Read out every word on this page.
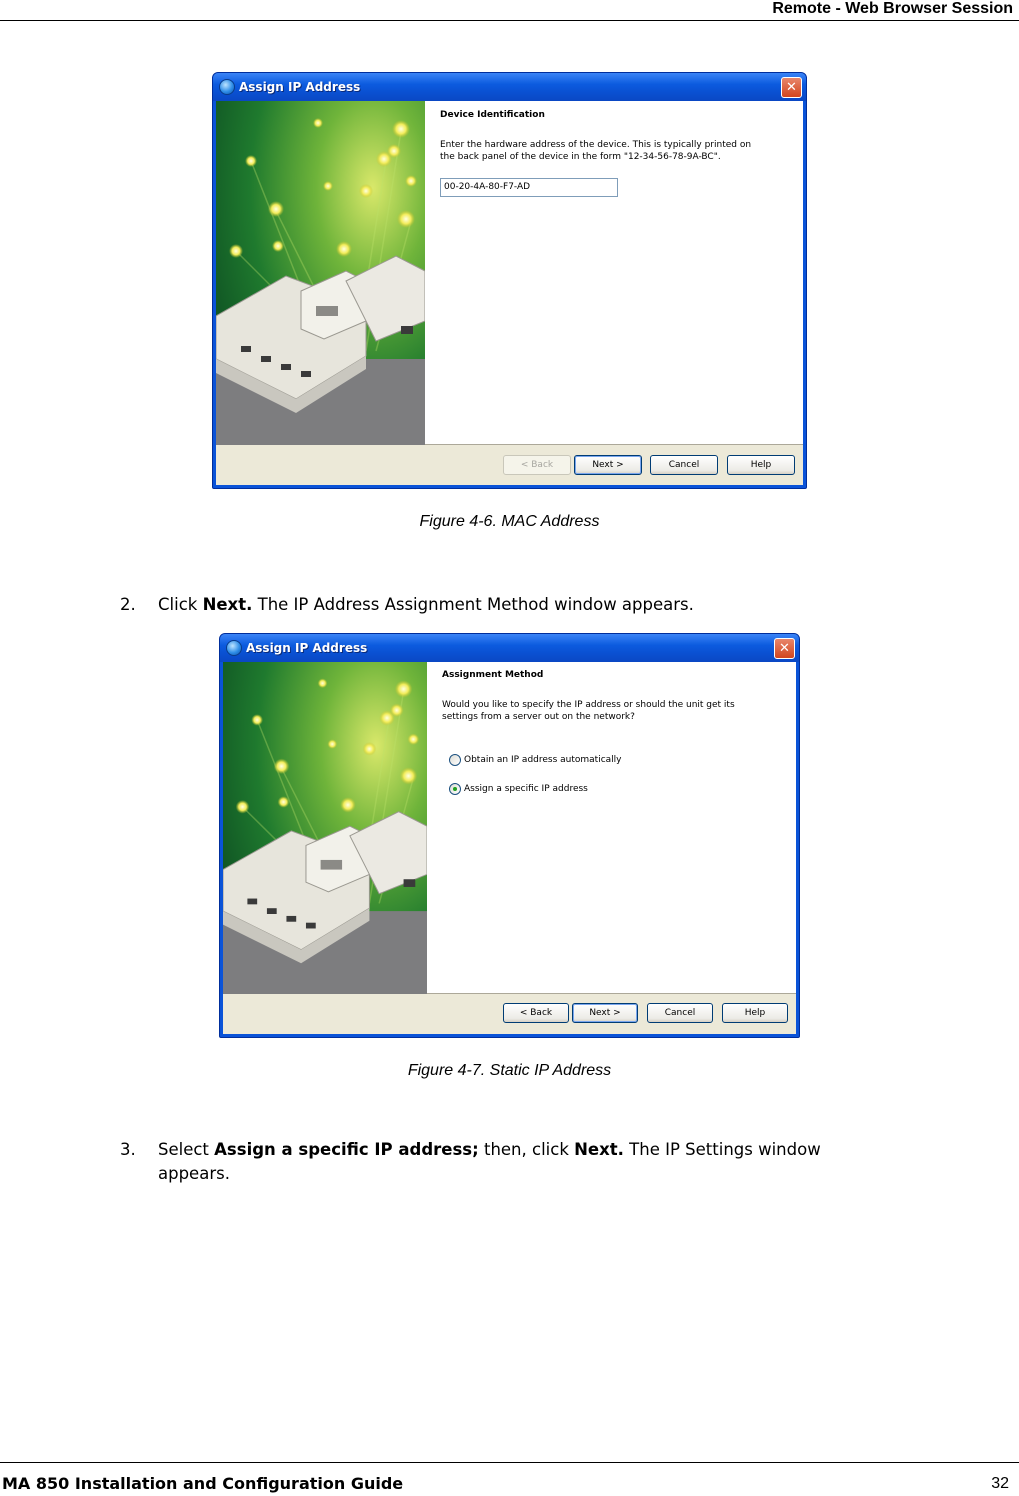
Remote - Web Browser Session
Assign IP Address	✕
Device Identification
Enter the hardware address of the device. This is typically printed on
the back panel of the device in the form "12-34-56-78-9A-BC".
00-20-4A-80-F7-AD
< Back	Next >	Cancel	Help
Figure 4-6. MAC Address
2. Click Next. The IP Address Assignment Method window appears.
Assign IP Address	✕
Assignment Method
Would you like to specify the IP address or should the unit get its
settings from a server out on the network?
Obtain an IP address automatically
Assign a specific IP address
< Back	Next >	Cancel	Help
Figure 4-7. Static IP Address
3. Select Assign a specific IP address; then, click Next. The IP Settings window appears.
MA 850 Installation and Configuration Guide	32
